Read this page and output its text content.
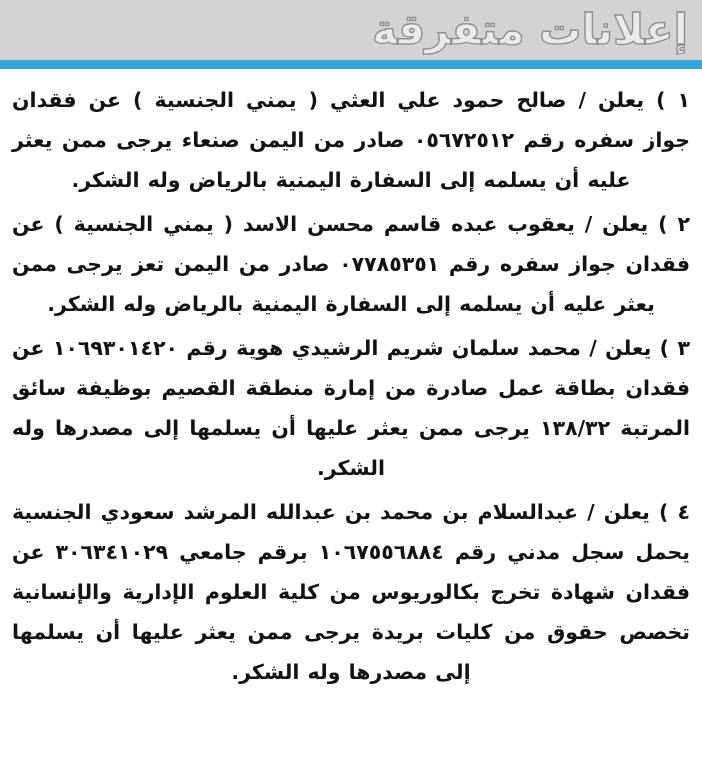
إعلانات متفرقة

١ ) يعلن / صالح حمود علي العثي ( يمني الجنسية ) عن فقدان جواز سفره رقم ٠٥٦٧٢٥١٢ صادر من اليمن صنعاء يرجى ممن يعثر عليه أن يسلمه إلى السفارة اليمنية بالرياض وله الشكر.

٢ ) يعلن / يعقوب عبده قاسم محسن الاسد ( يمني الجنسية ) عن فقدان جواز سفره رقم ٠٧٧٨٥٣٥١ صادر من اليمن تعز يرجى ممن يعثر عليه أن يسلمه إلى السفارة اليمنية بالرياض وله الشكر.

٣ ) يعلن / محمد سلمان شريم الرشيدي هوية رقم ١٠٦٩٣٠١٤٢٠ عن فقدان بطاقة عمل صادرة من إمارة منطقة القصيم بوظيفة سائق المرتبة ١٣٨/٣٢ يرجى ممن يعثر عليها أن يسلمها إلى مصدرها وله الشكر.

٤ ) يعلن / عبدالسلام بن محمد بن عبدالله المرشد سعودي الجنسية يحمل سجل مدني رقم ١٠٦٧٥٥٦٨٨٤ برقم جامعي ٣٠٦٣٤١٠٢٩ عن فقدان شهادة تخرج بكالوريوس من كلية العلوم الإدارية والإنسانية تخصص حقوق من كليات بريدة يرجى ممن يعثر عليها أن يسلمها إلى مصدرها وله الشكر.
